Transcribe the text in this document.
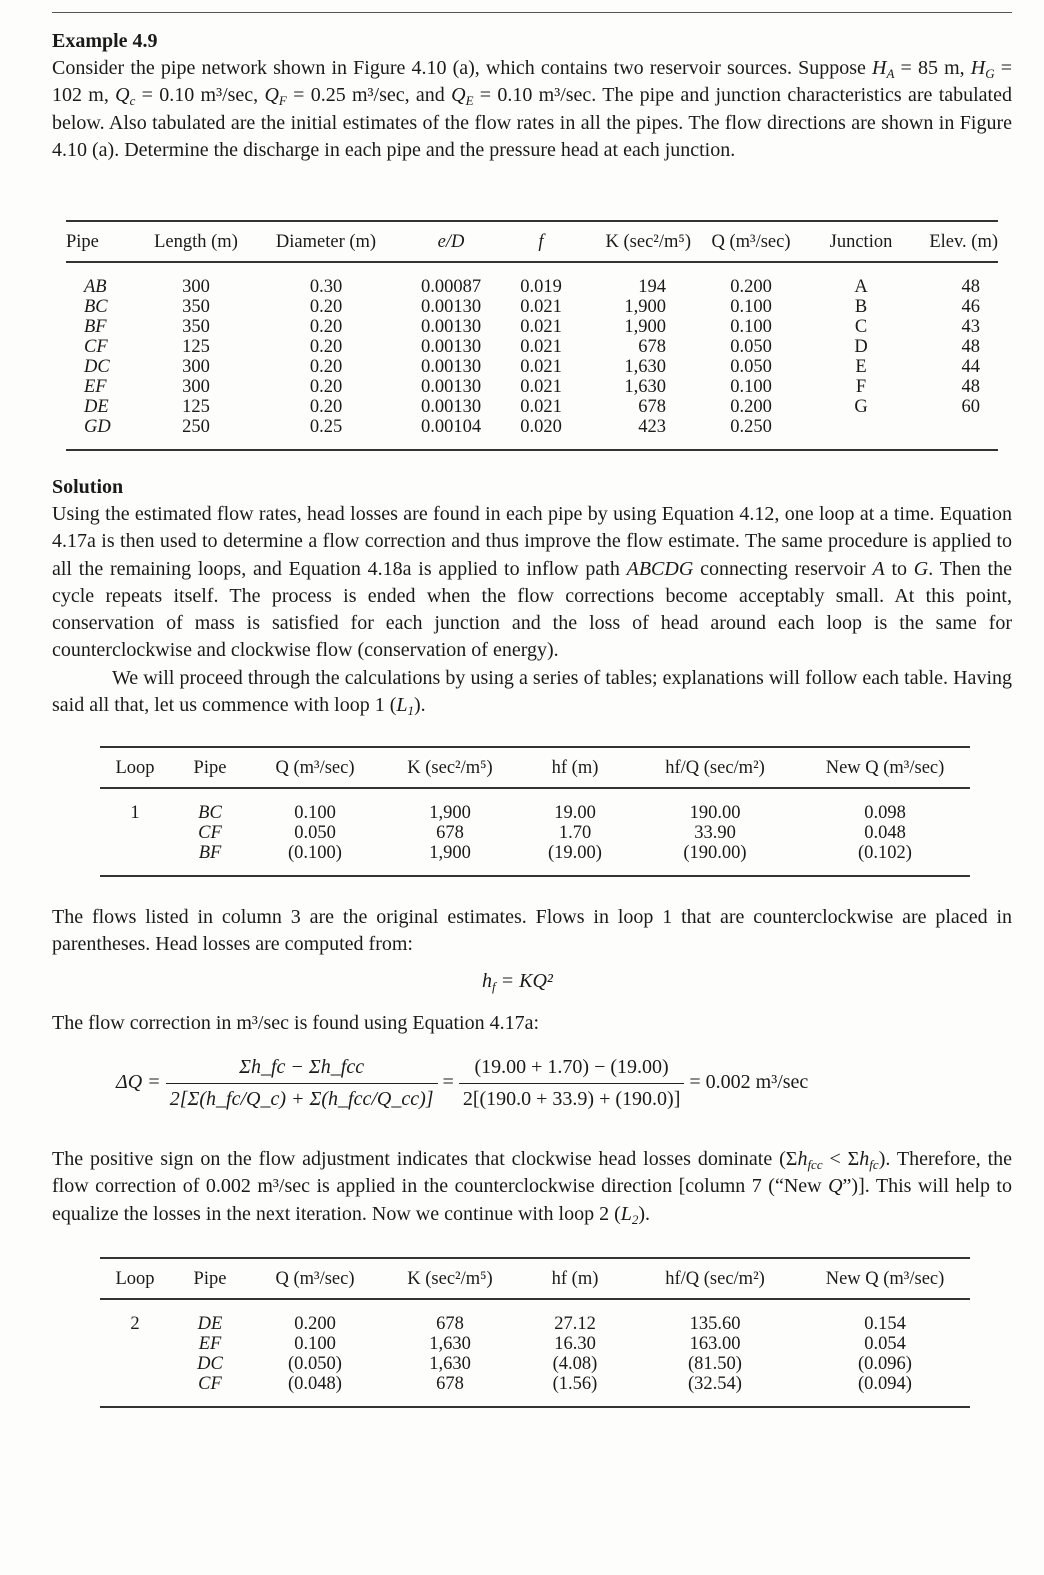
Example 4.9

Consider the pipe network shown in Figure 4.10 (a), which contains two reservoir sources. Suppose $H_A = 85$ m, $H_G = 102$ m, $Q_c = 0.10$ m³/sec, $Q_F = 0.25$ m³/sec, and $Q_E = 0.10$ m³/sec. The pipe and junction characteristics are tabulated below. Also tabulated are the initial estimates of the flow rates in all the pipes. The flow directions are shown in Figure 4.10 (a). Determine the discharge in each pipe and the pressure head at each junction.

Pipe	Length (m)	Diameter (m)	e/D	f	K (sec²/m⁵)	Q (m³/sec)	Junction	Elev. (m)
AB	300	0.30	0.00087	0.019	194	0.200	A	48
BC	350	0.20	0.00130	0.021	1,900	0.100	B	46
BF	350	0.20	0.00130	0.021	1,900	0.100	C	43
CF	125	0.20	0.00130	0.021	678	0.050	D	48
DC	300	0.20	0.00130	0.021	1,630	0.050	E	44
EF	300	0.20	0.00130	0.021	1,630	0.100	F	48
DE	125	0.20	0.00130	0.021	678	0.200	G	60
GD	250	0.25	0.00104	0.020	423	0.250		
Solution

Using the estimated flow rates, head losses are found in each pipe by using Equation 4.12, one loop at a time. Equation 4.17a is then used to determine a flow correction and thus improve the flow estimate. The same procedure is applied to all the remaining loops, and Equation 4.18a is applied to inflow path ABCDG connecting reservoir A to G. Then the cycle repeats itself. The process is ended when the flow corrections become acceptably small. At this point, conservation of mass is satisfied for each junction and the loss of head around each loop is the same for counterclockwise and clockwise flow (conservation of energy).

We will proceed through the calculations by using a series of tables; explanations will follow each table. Having said all that, let us commence with loop 1 $(L_1)$.

Loop	Pipe	Q (m³/sec)	K (sec²/m⁵)	hf (m)	hf/Q (sec/m²)	New Q (m³/sec)
1	BC	0.100	1,900	19.00	190.00	0.098
	CF	0.050	678	1.70	33.90	0.048
	BF	(0.100)	1,900	(19.00)	(190.00)	(0.102)

The flows listed in column 3 are the original estimates. Flows in loop 1 that are counterclockwise are placed in parentheses. Head losses are computed from:

$h_f = KQ^2$

The flow correction in m³/sec is found using Equation 4.17a:

$\Delta Q = \frac{\text{Σh\_fc − Σh\_fcc}}{\text{2[Σ(h\_fc/Q\_c) + Σ(h\_fcc/Q\_cc)]}} = \frac{(19.00 + 1.70) - (19.00)}{2[(190.0 + 33.9) + (190.0)]} = 0.002$ m³/sec

The positive sign on the flow adjustment indicates that clockwise head losses dominate $(\Sigma h_{fcc} < \Sigma h_{fc})$. Therefore, the flow correction of 0.002 m³/sec is applied in the counterclockwise direction [column 7 (“New Q”)]. This will help to equalize the losses in the next iteration. Now we continue with loop 2 $(L_2)$.

Loop	Pipe	Q (m³/sec)	K (sec²/m⁵)	hf (m)	hf/Q (sec/m²)	New Q (m³/sec)
2	DE	0.200	678	27.12	135.60	0.154
	EF	0.100	1,630	16.30	163.00	0.054
	DC	(0.050)	1,630	(4.08)	(81.50)	(0.096)
	CF	(0.048)	678	(1.56)	(32.54)	(0.094)
